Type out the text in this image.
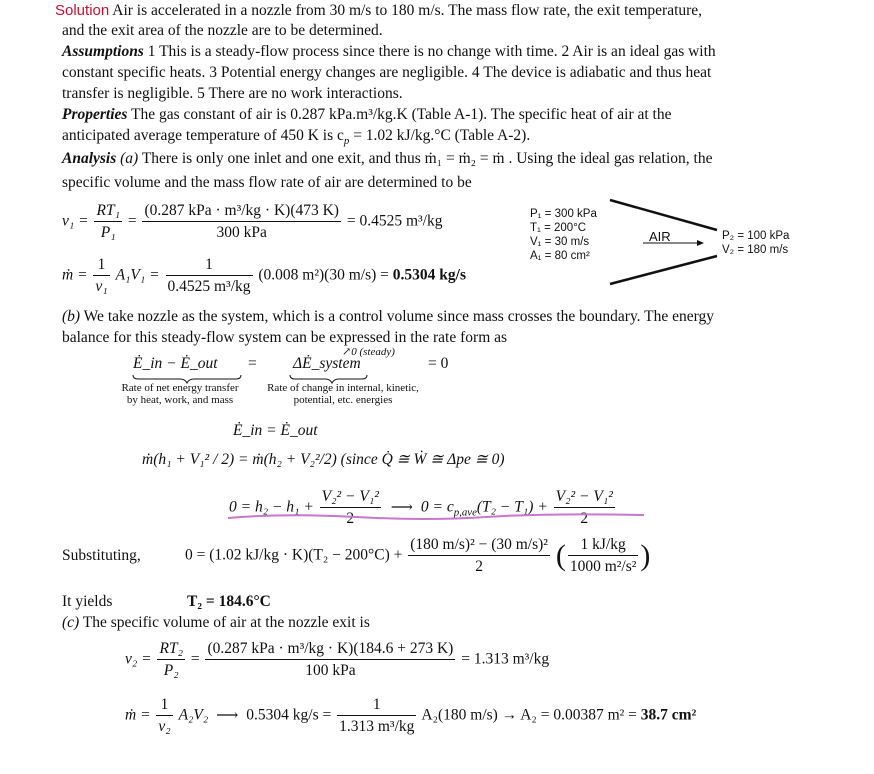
Solution Air is accelerated in a nozzle from 30 m/s to 180 m/s. The mass flow rate, the exit temperature,
and the exit area of the nozzle are to be determined.
Assumptions 1 This is a steady-flow process since there is no change with time. 2 Air is an ideal gas with
constant specific heats. 3 Potential energy changes are negligible. 4 The device is adiabatic and thus heat
transfer is negligible. 5 There are no work interactions.
Properties The gas constant of air is 0.287 kPa.m³/kg.K (Table A-1). The specific heat of air at the
anticipated average temperature of 450 K is $c_p = 1.02$ kJ/kg.°C (Table A-2).
Analysis (a) There is only one inlet and one exit, and thus ṁ₁ = ṁ₂ = ṁ . Using the ideal gas relation, the
specific volume and the mass flow rate of air are determined to be
$v_1 = \frac{\text{RT₁}}{\text{P₁}} = \frac{\text{(0.287 kPa · m³/kg · K)(473 K)}}{\text{300 kPa}} = 0.4525$ m³/kg
ṁ = $\frac{1}{\text{v₁}} A_1V_1 = \frac{1}{\text{0.4525 m³/kg}} (0.008$ m²)(30 m/s) = 0.5304 kg/s
P₁ = 300 kPa
T₁ = 200°C
V₁ = 30 m/s
A₁ = 80 cm²
AIR	P₂ = 100 kPa
V₂ = 180 m/s
(b) We take nozzle as the system, which is a control volume since mass crosses the boundary. The energy
balance for this steady-flow system can be expressed in the rate form as
Ė_in − Ė_out = ΔĖ_system
↗0 (steady)
= 0
Rate of net energy transfer
by heat, work, and mass
Rate of change in internal, kinetic,
potential, etc. energies
Ė_in = Ė_out
ṁ(h₁ + V₁² / 2) = ṁ(h₂ + V₂²/2) (since Q̇ ≅ Ẇ ≅ Δpe ≅ 0)
$0 = h_2 - h_1 + \frac{\text{V₂² − V₁²}}{2}$ ⟶ $0 = c_{p,ave}(T_2 - T_1) + \frac{\text{V₂² − V₁²}}{2}$
Substituting,	0 = (1.02 $kJ/kg \cdot K)(T_2 - 200^\circ C) + \frac{\text{(180 m/s)² − (30 m/s)²}}{2}$ ( $\frac{1 kJ/kg}{\text{1000 m²/s²}}$ )
It yields	T₂ = 184.6°C
(c) The specific volume of air at the nozzle exit is
$v_2 = \frac{\text{RT₂}}{\text{P₂}} = \frac{\text{(0.287 kPa · m³/kg · K)(184.6 + 273 K)}}{\text{100 kPa}} = 1.313$ m³/kg
ṁ = $\frac{1}{\text{v₂}} A_2V_2$ ⟶ 0.5304 $kg/s = \frac{1}{\text{1.313 m³/kg}} A_2(180$ m/s) → A₂ = 0.00387 m² = 38.7 cm²
